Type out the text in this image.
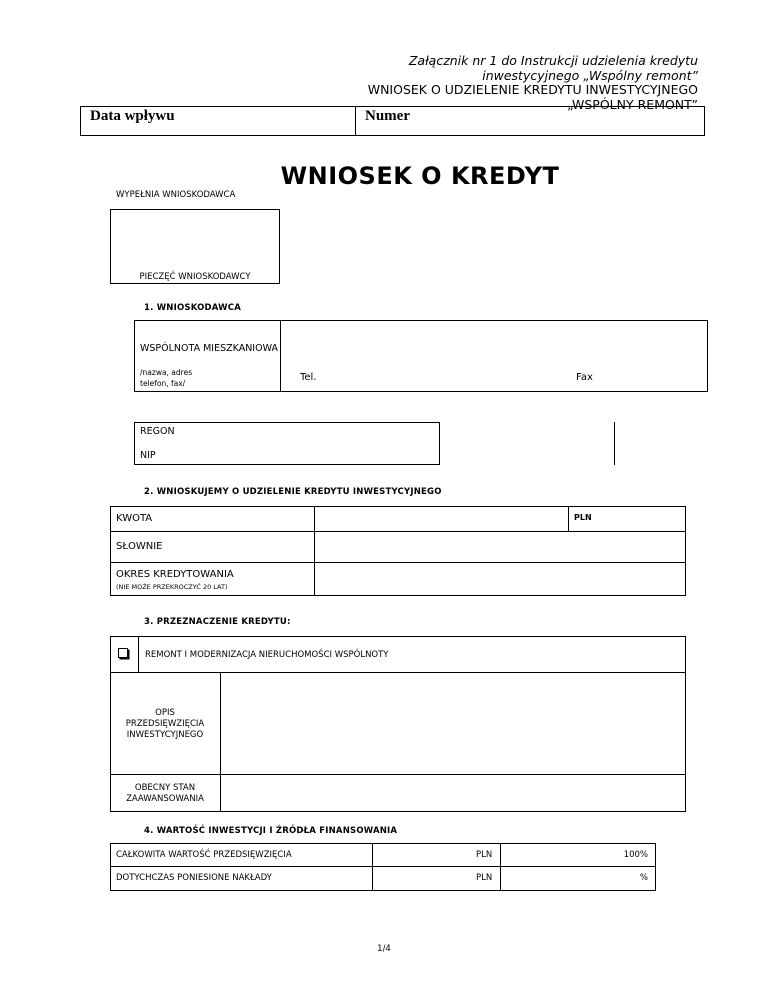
Załącznik nr 1 do Instrukcji udzielenia kredytu
inwestycyjnego „Wspólny remont”
WNIOSEK O UDZIELENIE KREDYTU INWESTYCYJNEGO
„WSPÓLNY REMONT”
Data wpływu	Numer
WNIOSEK O KREDYT
WYPEŁNIA WNIOSKODAWCA
PIECZĘĆ WNIOSKODAWCY
1. WNIOSKODAWCA
WSPÓLNOTA MIESZKANIOWA
/nazwa, adres
telefon, fax/
Tel.	Fax
REGON
NIP
2. WNIOSKUJEMY O UDZIELENIE KREDYTU INWESTYCYJNEGO
KWOTA	PLN
SŁOWNIE
OKRES KREDYTOWANIA
(NIE MOŻE PRZEKROCZYĆ 20 LAT)
3. PRZEZNACZENIE KREDYTU:
REMONT I MODERNIZACJA NIERUCHOMOŚCI WSPÓLNOTY
OPIS
PRZEDSIĘWZIĘCIA
INWESTYCYJNEGO
OBECNY STAN
ZAAWANSOWANIA
4. WARTOŚĆ INWESTYCJI I ŹRÓDŁA FINANSOWANIA
CAŁKOWITA WARTOŚĆ PRZEDSIĘWZIĘCIA	PLN	100%
DOTYCHCZAS PONIESIONE NAKŁADY	PLN	%
1/4
